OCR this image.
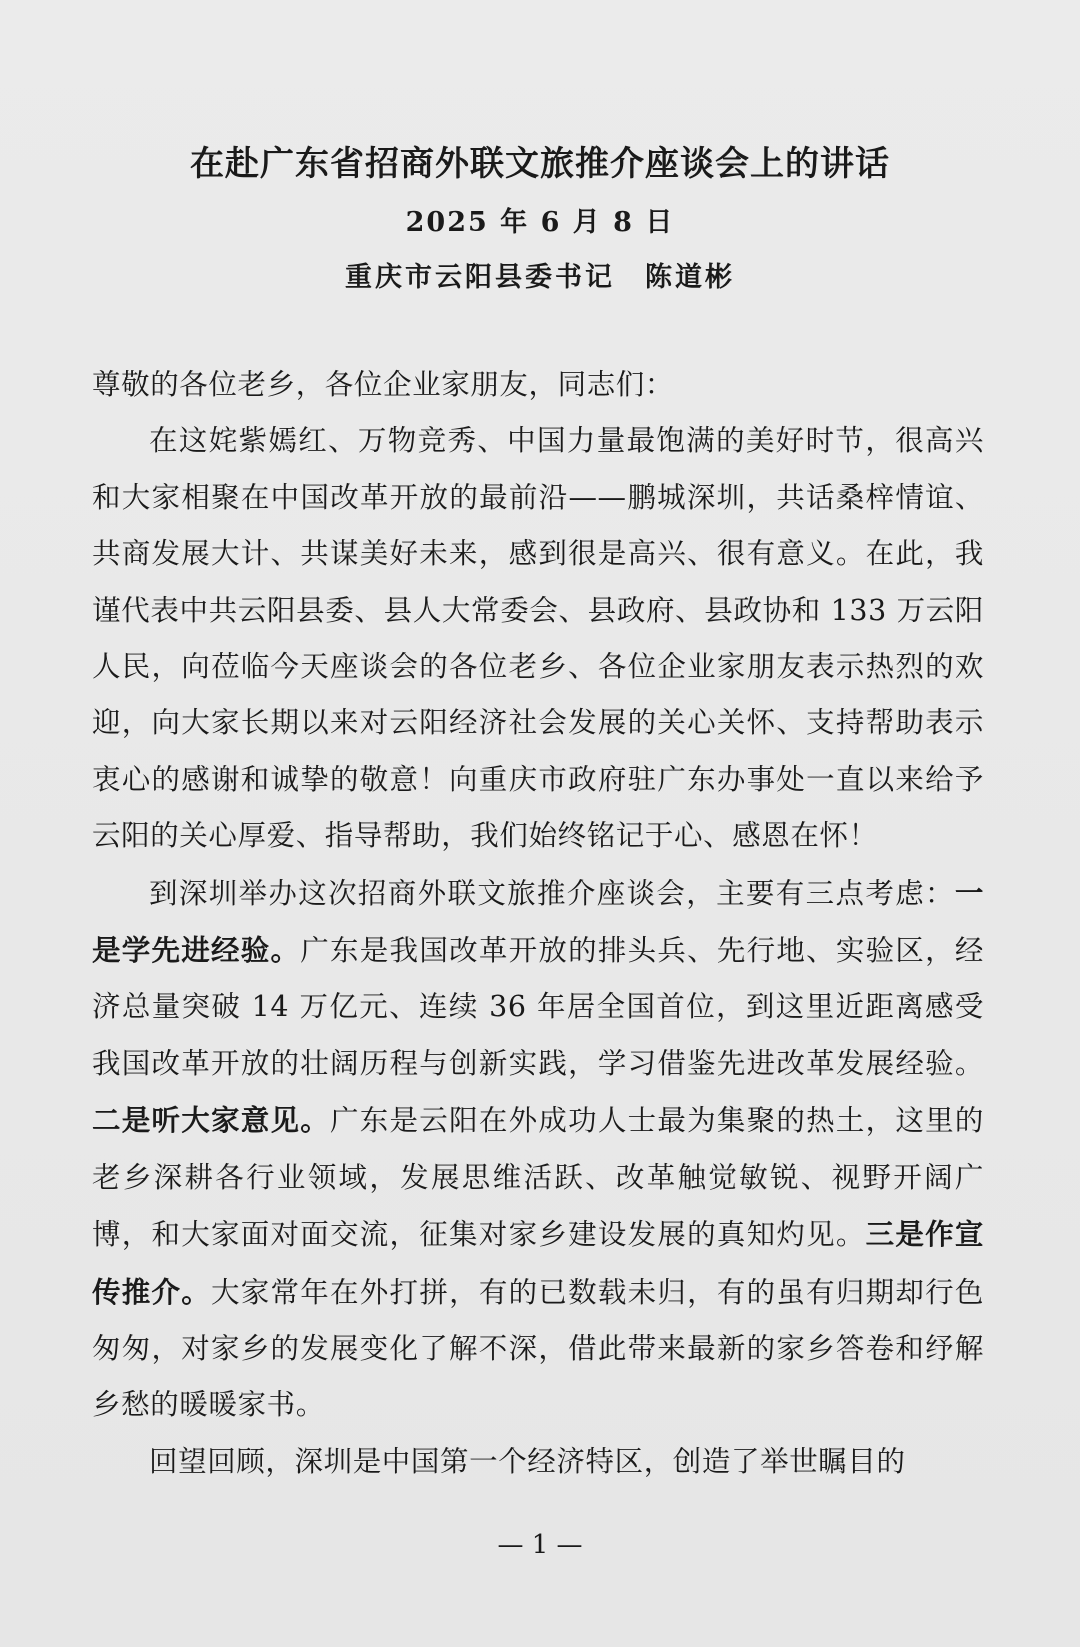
在赴广东省招商外联文旅推介座谈会上的讲话
2025 年 6 月 8 日
重庆市云阳县委书记　陈道彬

尊敬的各位老乡，各位企业家朋友，同志们：

在这姹紫嫣红、万物竞秀、中国力量最饱满的美好时节，很高兴和大家相聚在中国改革开放的最前沿——鹏城深圳，共话桑梓情谊、共商发展大计、共谋美好未来，感到很是高兴、很有意义。在此，我谨代表中共云阳县委、县人大常委会、县政府、县政协和 133 万云阳人民，向莅临今天座谈会的各位老乡、各位企业家朋友表示热烈的欢迎，向大家长期以来对云阳经济社会发展的关心关怀、支持帮助表示衷心的感谢和诚挚的敬意！向重庆市政府驻广东办事处一直以来给予云阳的关心厚爱、指导帮助，我们始终铭记于心、感恩在怀！

到深圳举办这次招商外联文旅推介座谈会，主要有三点考虑：一是学先进经验。广东是我国改革开放的排头兵、先行地、实验区，经济总量突破 14 万亿元、连续 36 年居全国首位，到这里近距离感受我国改革开放的壮阔历程与创新实践，学习借鉴先进改革发展经验。二是听大家意见。广东是云阳在外成功人士最为集聚的热土，这里的老乡深耕各行业领域，发展思维活跃、改革触觉敏锐、视野开阔广博，和大家面对面交流，征集对家乡建设发展的真知灼见。三是作宣传推介。大家常年在外打拼，有的已数载未归，有的虽有归期却行色匆匆，对家乡的发展变化了解不深，借此带来最新的家乡答卷和纾解乡愁的暖暖家书。

回望回顾，深圳是中国第一个经济特区，创造了举世瞩目的

— 1 —
